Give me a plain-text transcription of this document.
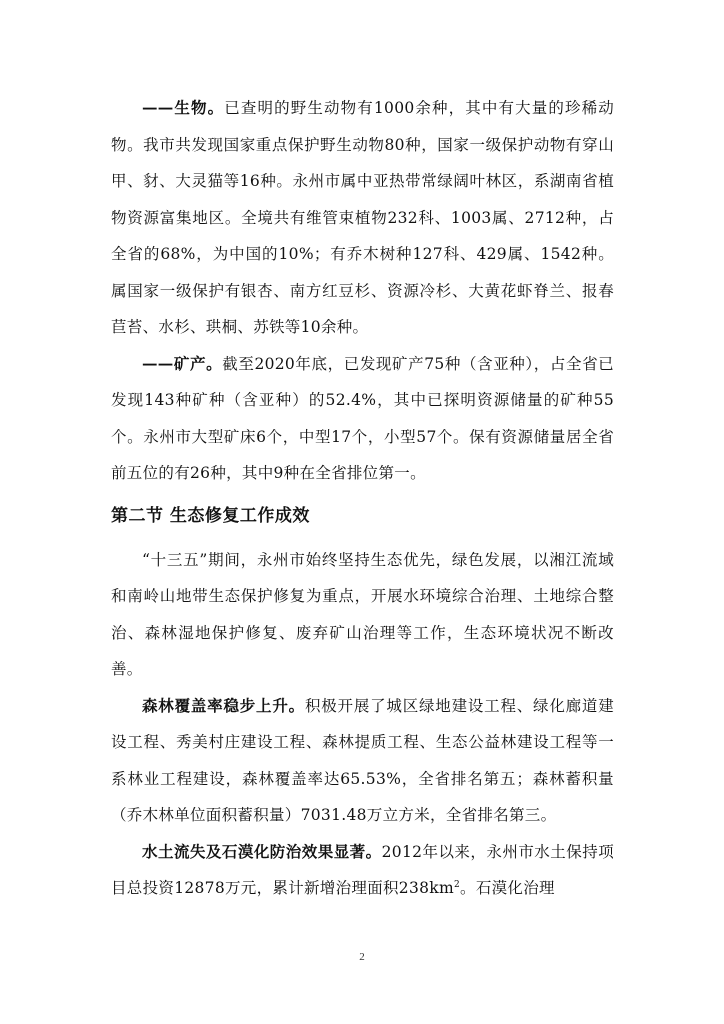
——生物。已查明的野生动物有1000余种，其中有大量的珍稀动物。我市共发现国家重点保护野生动物80种，国家一级保护动物有穿山甲、豺、大灵猫等16种。永州市属中亚热带常绿阔叶林区，系湖南省植物资源富集地区。全境共有维管束植物232科、1003属、2712种，占全省的68%，为中国的10%；有乔木树种127科、429属、1542种。属国家一级保护有银杏、南方红豆杉、资源冷杉、大黄花虾脊兰、报春苣苔、水杉、珙桐、苏铁等10余种。

——矿产。截至2020年底，已发现矿产75种（含亚种），占全省已发现143种矿种（含亚种）的52.4%，其中已探明资源储量的矿种55个。永州市大型矿床6个，中型17个，小型57个。保有资源储量居全省前五位的有26种，其中9种在全省排位第一。

第二节 生态修复工作成效

“十三五”期间，永州市始终坚持生态优先，绿色发展，以湘江流域和南岭山地带生态保护修复为重点，开展水环境综合治理、土地综合整治、森林湿地保护修复、废弃矿山治理等工作，生态环境状况不断改善。

森林覆盖率稳步上升。积极开展了城区绿地建设工程、绿化廊道建设工程、秀美村庄建设工程、森林提质工程、生态公益林建设工程等一系林业工程建设，森林覆盖率达65.53%，全省排名第五；森林蓄积量（乔木林单位面积蓄积量）7031.48万立方米，全省排名第三。

水土流失及石漠化防治效果显著。2012年以来，永州市水土保持项目总投资12878万元，累计新增治理面积$238km^2$。石漠化治理

2
